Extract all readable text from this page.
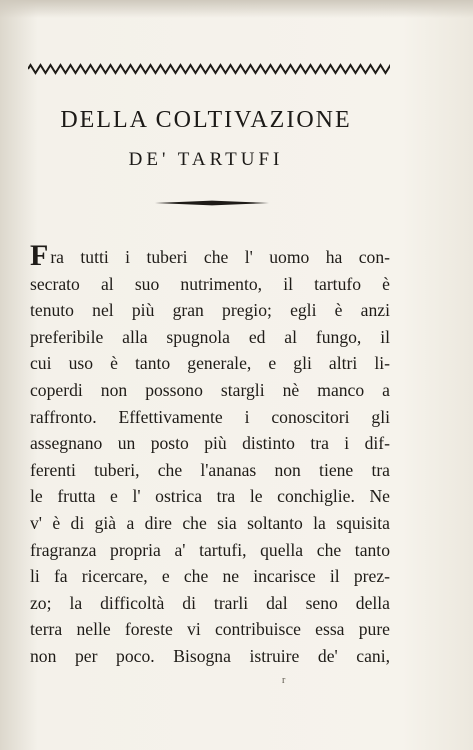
DELLA COLTIVAZIONE
DE' TARTUFI
Fra tutti i tuberi che l' uomo ha con-
secrato al suo nutrimento, il tartufo è
tenuto nel più gran pregio; egli è anzi
preferibile alla spugnola ed al fungo, il
cui uso è tanto generale, e gli altri li-
coperdi non possono stargli nè manco a
raffronto. Effettivamente i conoscitori gli
assegnano un posto più distinto tra i dif-
ferenti tuberi, che l'ananas non tiene tra
le frutta e l' ostrica tra le conchiglie. Ne
v' è di già a dire che sia soltanto la squisita
fragranza propria a' tartufi, quella che tanto
li fa ricercare, e che ne incarisce il prez-
zo; la difficoltà di trarli dal seno della
terra nelle foreste vi contribuisce essa pure
non per poco. Bisogna istruire de' cani,
r
